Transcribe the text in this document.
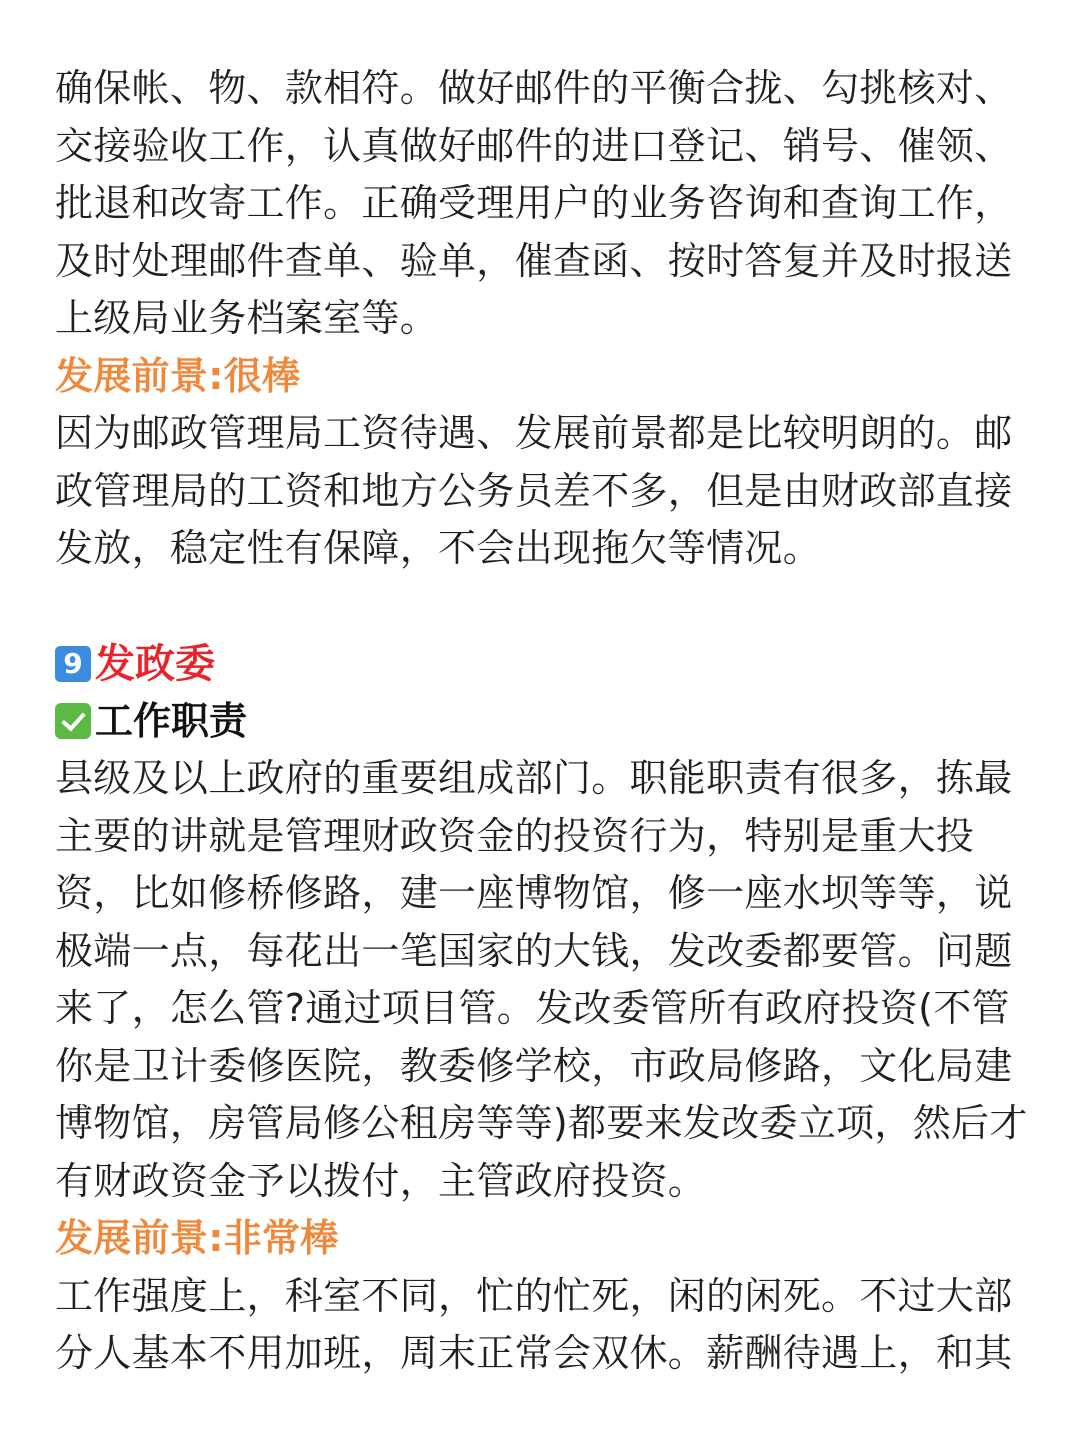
确保帐、物、款相符。做好邮件的平衡合拢、勾挑核对、
交接验收工作，认真做好邮件的进口登记、销号、催领、
批退和改寄工作。正确受理用户的业务咨询和查询工作，
及时处理邮件查单、验单，催查函、按时答复并及时报送
上级局业务档案室等。
发展前景:很棒
因为邮政管理局工资待遇、发展前景都是比较明朗的。邮
政管理局的工资和地方公务员差不多，但是由财政部直接
发放，稳定性有保障，不会出现拖欠等情况。
9 发政委
工作职责
县级及以上政府的重要组成部门。职能职责有很多，拣最
主要的讲就是管理财政资金的投资行为，特别是重大投
资，比如修桥修路，建一座博物馆，修一座水坝等等，说
极端一点，每花出一笔国家的大钱，发改委都要管。问题
来了，怎么管?通过项目管。发改委管所有政府投资(不管
你是卫计委修医院，教委修学校，市政局修路，文化局建
博物馆，房管局修公租房等等)都要来发改委立项，然后才
有财政资金予以拨付，主管政府投资。
发展前景:非常棒
工作强度上，科室不同，忙的忙死，闲的闲死。不过大部
分人基本不用加班，周末正常会双休。薪酬待遇上，和其
